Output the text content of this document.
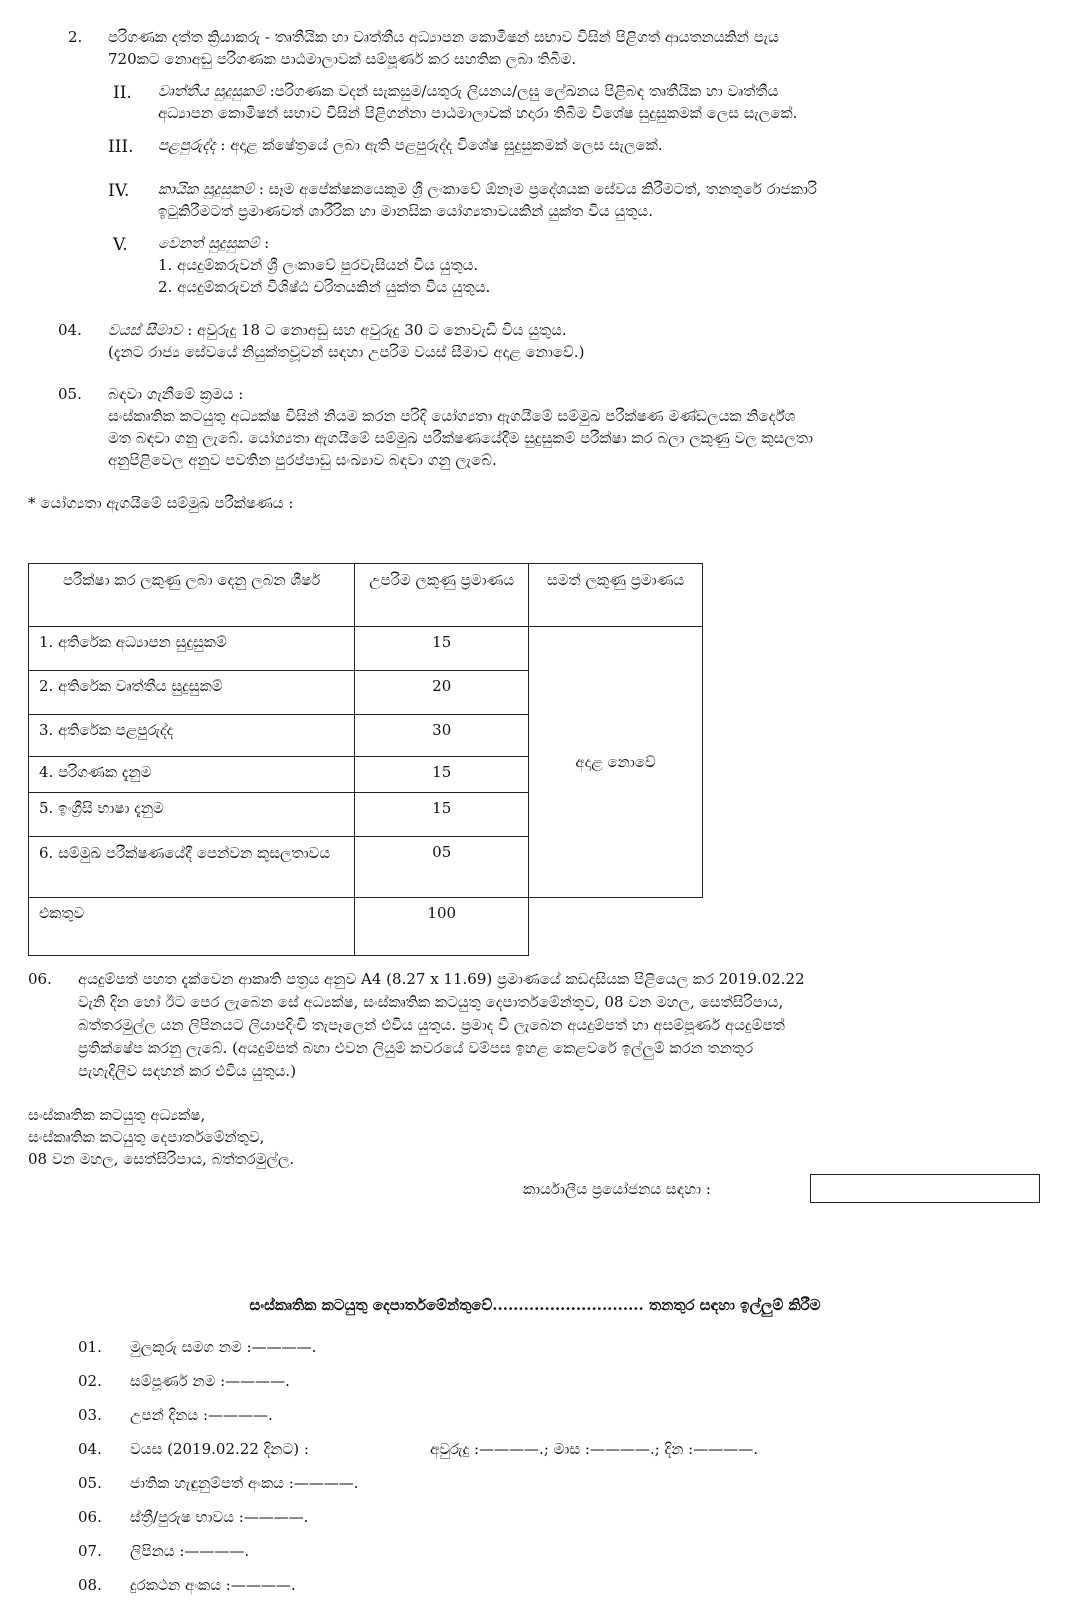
2. පරිගණක දත්ත ක්‍රියාකරු - තෘතීයික හා වෘත්තීය අධ්‍යාපන කොමිෂන් සභාව විසින් පිළිගත් ආයතනයකින් පැය
720කට නොඅඩු පරිගණක පාඨමාලාවක් සම්පූර්ණ කර සහතික ලබා තිබීම.
II. වෘත්තීය සුදුසුකම් :පරිගණක වදන් සැකසුම/යතුරු ලියනය/ලඝු ලේඛනය පිළිබඳ තෘතීයික හා වෘත්තීය
අධ්‍යාපන කොමිෂන් සභාව විසින් පිළිගන්නා පාඨමාලාවක් හදාරා තිබීම විශේෂ සුදුසුකමක් ලෙස සැලකේ.
III. පළපුරුද්ද : අදාළ ක්ෂේත්‍රයේ ලබා ඇති පළපුරුද්ද විශේෂ සුදුසුකමක් ලෙස සැලකේ.
IV. කායික සුදුසුකම් : සෑම අපේක්ෂකයෙකුම ශ්‍රී ලංකාවේ ඕනෑම ප්‍රදේශයක සේවය කිරීමටත්, තනතුරේ රාජකාරි
ඉටුකිරීමටත් ප්‍රමාණවත් ශාරීරික හා මානසික යෝග්‍යතාවයකින් යුක්ත විය යුතුය.
V. වෙනත් සුදුසුකම් :
1. අයදුම්කරුවන් ශ්‍රී ලංකාවේ පුරවැසියන් විය යුතුය.
2. අයදුම්කරුවන් විශිෂ්ඨ චරිතයකින් යුක්ත විය යුතුය.
04. වයස් සීමාව : අවුරුදු 18 ට නොඅඩු සහ අවුරුදු 30 ට නොවැඩි විය යුතුය.
(දැනට රාජ්‍ය සේවයේ නියුක්තවූවන් සඳහා උපරිම වයස් සීමාව අදාළ නොවේ.)
05. බඳවා ගැනීමේ ක්‍රමය :
සංස්කෘතික කටයුතු අධ්‍යක්ෂ විසින් නියම කරන පරිදි යෝග්‍යතා ඇගයීමේ සම්මුඛ පරීක්ෂණ මණ්ඩලයක නිර්දේශ
මත බඳවා ගනු ලැබේ. යෝග්‍යතා ඇගයීමේ සම්මුඛ පරීක්ෂණයේදීම සුදුසුකම් පරීක්ෂා කර බලා ලකුණු වල කුසලතා
අනුපිළිවෙල අනුව පවතින පුරප්පාඩු සංඛ්‍යාව බඳවා ගනු ලැබේ.
* යෝග්‍යතා ඇගයීමේ සම්මුඛ පරීක්ෂණය :
පරීක්ෂා කර ලකුණු ලබා දෙනු ලබන ශීර්ෂ	උපරිම ලකුණු ප්‍රමාණය	සමත් ලකුණු ප්‍රමාණය
1. අතිරේක අධ්‍යාපන සුදුසුකම්	15	අදාළ නොවේ
2. අතිරේක වෘත්තීය සුදුසුකම්	20	
3. අතිරේක පළපුරුද්ද	30	
4. පරිගණක දැනුම	15	
5. ඉංග්‍රීසි භාෂා දැනුම	15	
6. සම්මුඛ පරීක්ෂණයේදී පෙන්වන කුසලතාවය	05	
එකතුව	100	
06. අයදුම්පත් පහත දැක්වෙන ආකෘති පත්‍රය අනුව A4 (8.27 x 11.69) ප්‍රමාණයේ කඩදාසියක පිළියෙල කර 2019.02.22
වැනි දින හෝ ඊට පෙර ලැබෙන සේ අධ්‍යක්ෂ, සංස්කෘතික කටයුතු දෙපාර්තමේන්තුව, 08 වන මහල, සෙත්සිරිපාය,
බත්තරමුල්ල යන ලිපිනයට ලියාපදිංචි තැපෑලෙන් එවිය යුතුය. ප්‍රමාද වී ලැබෙන අයදුම්පත් හා අසම්පූර්ණ අයදුම්පත්
ප්‍රතික්ෂේප කරනු ලැබේ. (අයදුම්පත් බහා එවන ලියුම් කවරයේ වම්පස ඉහළ කෙළවරේ ඉල්ලුම් කරන තනතුර
පැහැදිලිව සඳහන් කර එවිය යුතුය.)
සංස්කෘතික කටයුතු අධ්‍යක්ෂ,
සංස්කෘතික කටයුතු දෙපාර්තමේන්තුව,
08 වන මහල, සෙත්සිරිපාය, බත්තරමුල්ල.
කාර්යාලීය ප්‍රයෝජනය සඳහා :
සංස්කෘතික කටයුතු දෙපාර්තමේන්තුවේ............................. තනතුර සඳහා ඉල්ලුම් කිරීම
01. මුලකුරු සමග නම :————.
02. සම්පූර්ණ නම :————.
03. උපන් දිනය :————.
04. වයස (2019.02.22 දිනට) :	අවුරුදු :————.; මාස :————.; දින :————.
05. ජාතික හැඳුනුම්පත් අංකය :————.
06. ස්ත්‍රී/පුරුෂ භාවය :————.
07. ලිපිනය :————.
08. දුරකථන අංකය :————.
